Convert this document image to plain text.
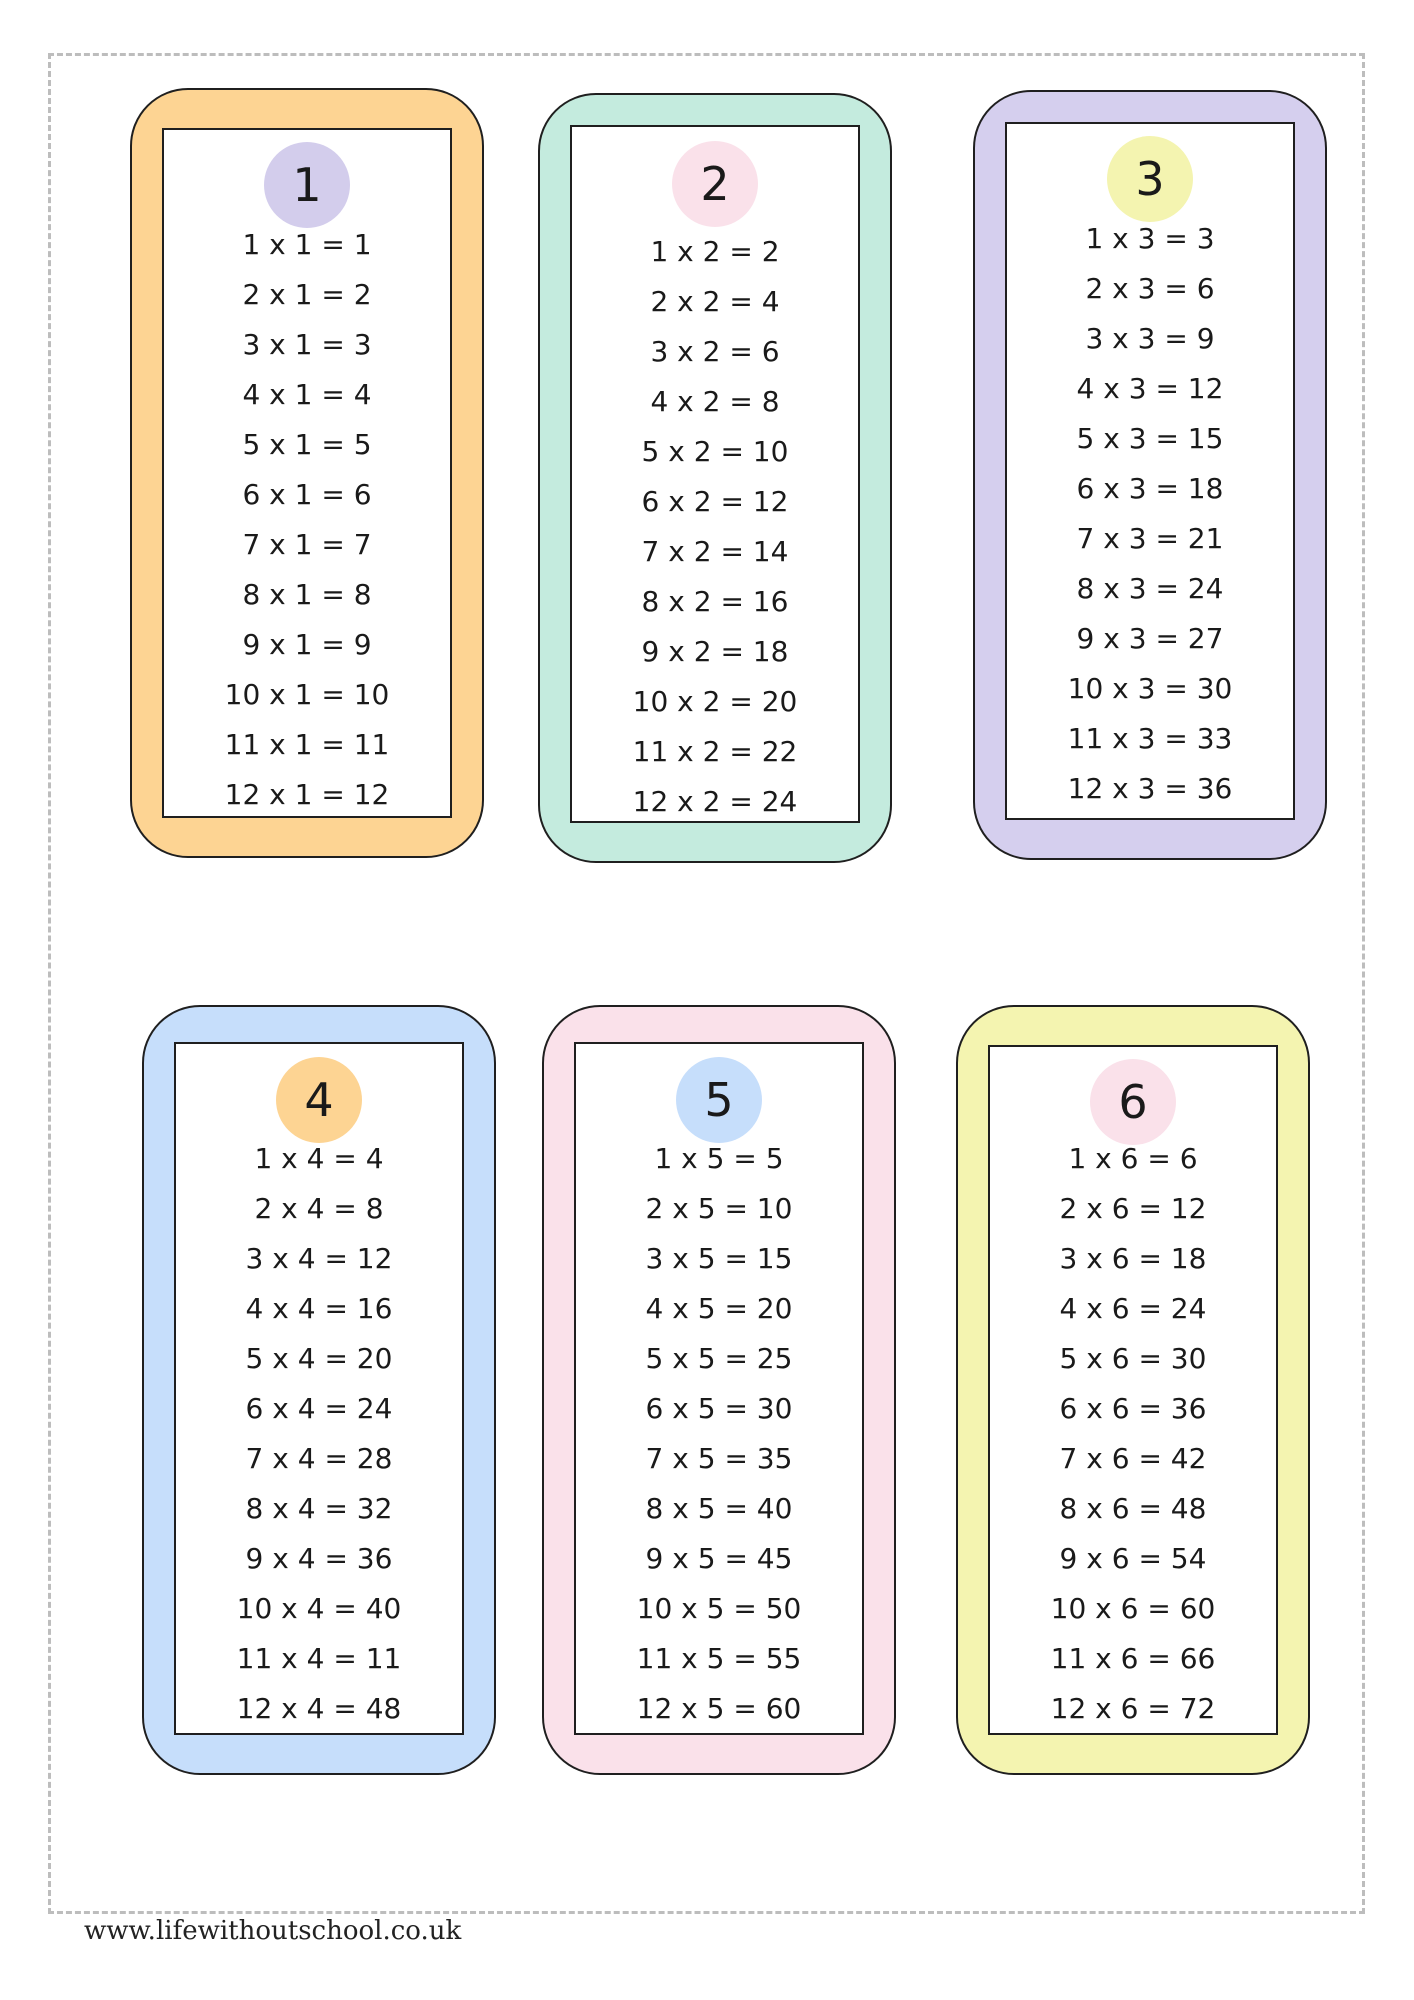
1
1 x 1 = 1
2 x 1 = 2
3 x 1 = 3
4 x 1 = 4
5 x 1 = 5
6 x 1 = 6
7 x 1 = 7
8 x 1 = 8
9 x 1 = 9
10 x 1 = 10
11 x 1 = 11
12 x 1 = 12
2
1 x 2 = 2
2 x 2 = 4
3 x 2 = 6
4 x 2 = 8
5 x 2 = 10
6 x 2 = 12
7 x 2 = 14
8 x 2 = 16
9 x 2 = 18
10 x 2 = 20
11 x 2 = 22
12 x 2 = 24
3
1 x 3 = 3
2 x 3 = 6
3 x 3 = 9
4 x 3 = 12
5 x 3 = 15
6 x 3 = 18
7 x 3 = 21
8 x 3 = 24
9 x 3 = 27
10 x 3 = 30
11 x 3 = 33
12 x 3 = 36
4
1 x 4 = 4
2 x 4 = 8
3 x 4 = 12
4 x 4 = 16
5 x 4 = 20
6 x 4 = 24
7 x 4 = 28
8 x 4 = 32
9 x 4 = 36
10 x 4 = 40
11 x 4 = 11
12 x 4 = 48
5
1 x 5 = 5
2 x 5 = 10
3 x 5 = 15
4 x 5 = 20
5 x 5 = 25
6 x 5 = 30
7 x 5 = 35
8 x 5 = 40
9 x 5 = 45
10 x 5 = 50
11 x 5 = 55
12 x 5 = 60
6
1 x 6 = 6
2 x 6 = 12
3 x 6 = 18
4 x 6 = 24
5 x 6 = 30
6 x 6 = 36
7 x 6 = 42
8 x 6 = 48
9 x 6 = 54
10 x 6 = 60
11 x 6 = 66
12 x 6 = 72
www.lifewithoutschool.co.uk
